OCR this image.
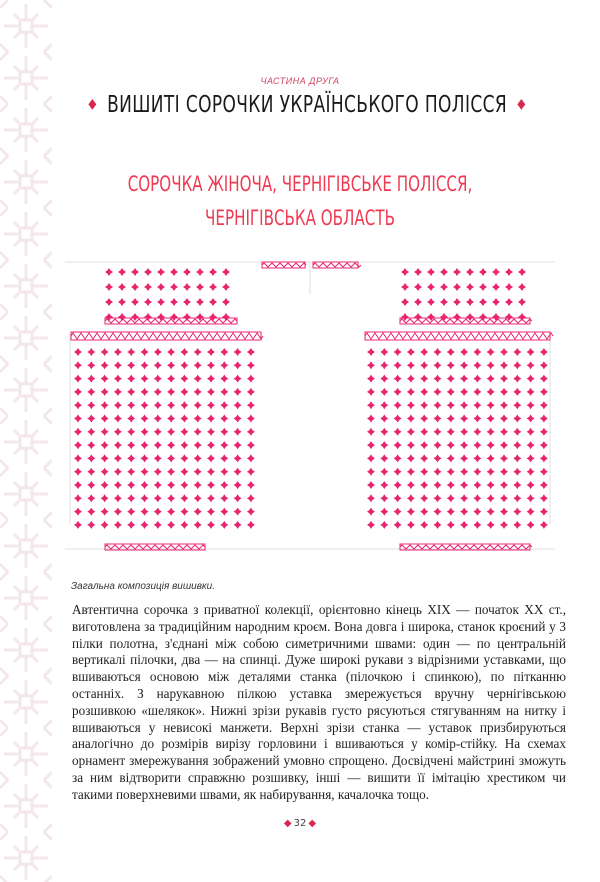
ЧАСТИНА ДРУГА
◆ ВИШИТІ СОРОЧКИ УКРАЇНСЬКОГО ПОЛІССЯ ◆
СОРОЧКА ЖІНОЧА, ЧЕРНІГІВСЬКЕ ПОЛІССЯ,
ЧЕРНІГІВСЬКА ОБЛАСТЬ
Загальна композиція вишивки.
Автентична сорочка з приватної колекції, орієнтовно кінець XIX — початок XX ст., виготовлена за традиційним народним кроєм. Вона довга і широка, станок кроєний у 3 пілки полотна, з'єднані між собою симетричними швами: один — по центральній вертикалі пілочки, два — на спинці. Дуже широкі рукави з відрізними уставками, що вшиваються основою між деталями станка (пілочкою і спинкою), по пітканню останніх. З нарукавною пілкою уставка змережується вручну чернігівською розшивкою «шелякок». Нижні зрізи рукавів густо рясуються стягуванням на нитку і вшиваються у невисокі манжети. Верхні зрізи станка — уставок призбируються аналогічно до розмірів вирізу горловини і вшиваються у комір-стійку. На схемах орнамент змережування зображений умовно спрощено. Досвідчені майстрині зможуть за ним відтворити справжню розшивку, інші — вишити її імітацію хрестиком чи такими поверхневими швами, як набирування, качалочка тощо.
◆ 32 ◆
